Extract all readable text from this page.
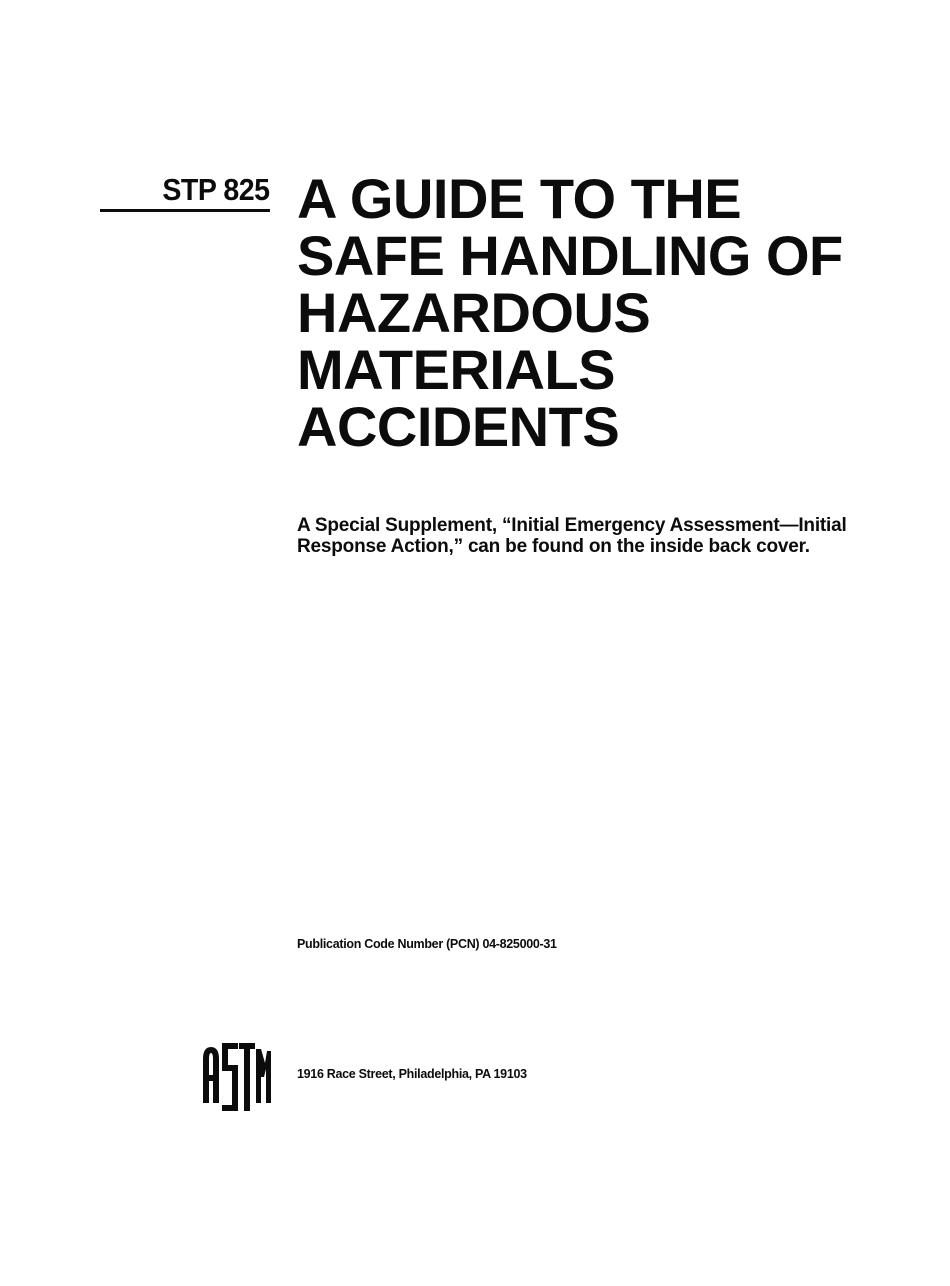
STP 825 A GUIDE TO THE
SAFE HANDLING OF
HAZARDOUS
MATERIALS
ACCIDENTS
A Special Supplement, “Initial Emergency Assessment—Initial
Response Action,” can be found on the inside back cover.
Publication Code Number (PCN) 04-825000-31
1916 Race Street, Philadelphia, PA 19103
